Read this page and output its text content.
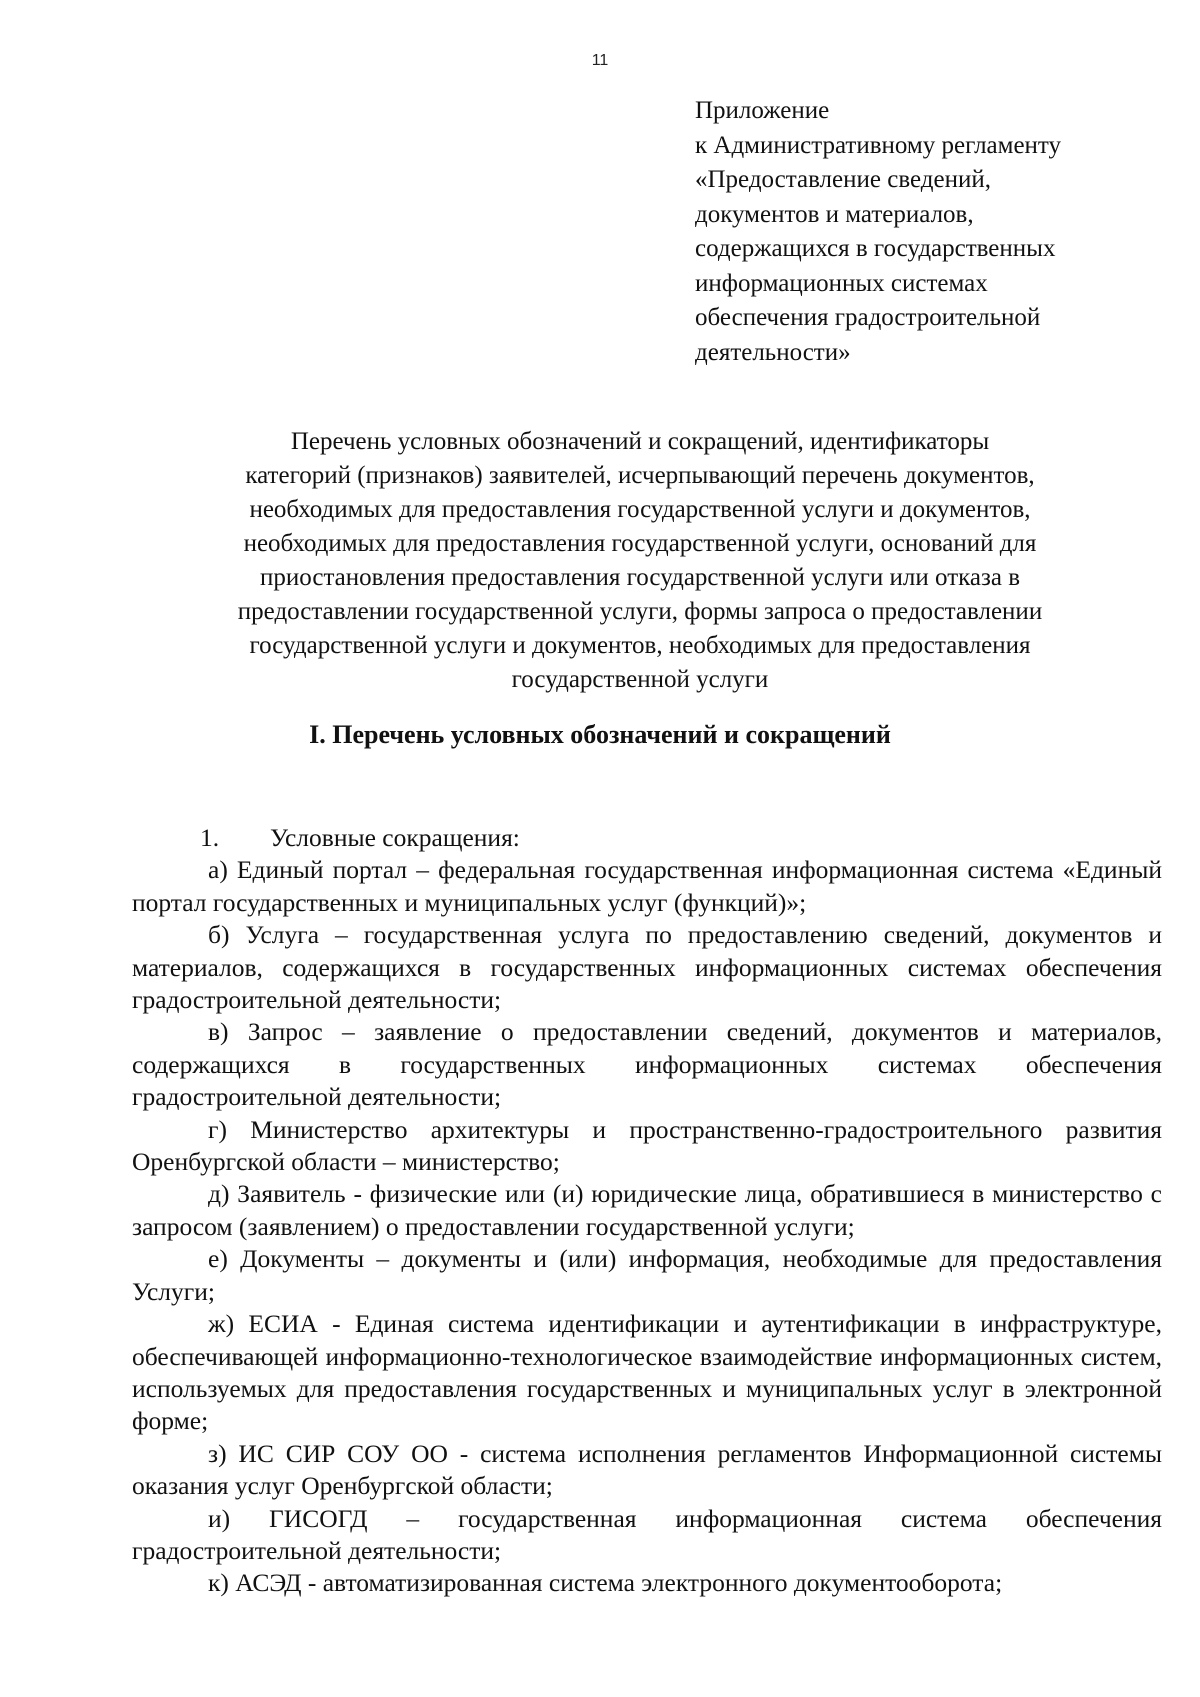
11
Приложение
к Административному регламенту
«Предоставление сведений,
документов и материалов,
содержащихся в государственных
информационных системах
обеспечения градостроительной
деятельности»
Перечень условных обозначений и сокращений, идентификаторы
категорий (признаков) заявителей, исчерпывающий перечень документов,
необходимых для предоставления государственной услуги и документов,
необходимых для предоставления государственной услуги, оснований для
приостановления предоставления государственной услуги или отказа в
предоставлении государственной услуги, формы запроса о предоставлении
государственной услуги и документов, необходимых для предоставления
государственной услуги
I. Перечень условных обозначений и сокращений

1. Условные сокращения:

а) Единый портал – федеральная государственная информационная система «Единый портал государственных и муниципальных услуг (функций)»;

б) Услуга – государственная услуга по предоставлению сведений, документов и материалов, содержащихся в государственных информационных системах обеспечения градостроительной деятельности;

в) Запрос – заявление о предоставлении сведений, документов и материалов, содержащихся в государственных информационных системах обеспечения градостроительной деятельности;

г) Министерство архитектуры и пространственно-градостроительного развития Оренбургской области – министерство;

д) Заявитель - физические или (и) юридические лица, обратившиеся в министерство с запросом (заявлением) о предоставлении государственной услуги;

е) Документы – документы и (или) информация, необходимые для предоставления Услуги;

ж) ЕСИА - Единая система идентификации и аутентификации в инфраструктуре, обеспечивающей информационно-технологическое взаимодействие информационных систем, используемых для предоставления государственных и муниципальных услуг в электронной форме;

з) ИС СИР СОУ ОО - система исполнения регламентов Информационной системы оказания услуг Оренбургской области;

и) ГИСОГД – государственная информационная система обеспечения градостроительной деятельности;

к) АСЭД - автоматизированная система электронного документооборота;
